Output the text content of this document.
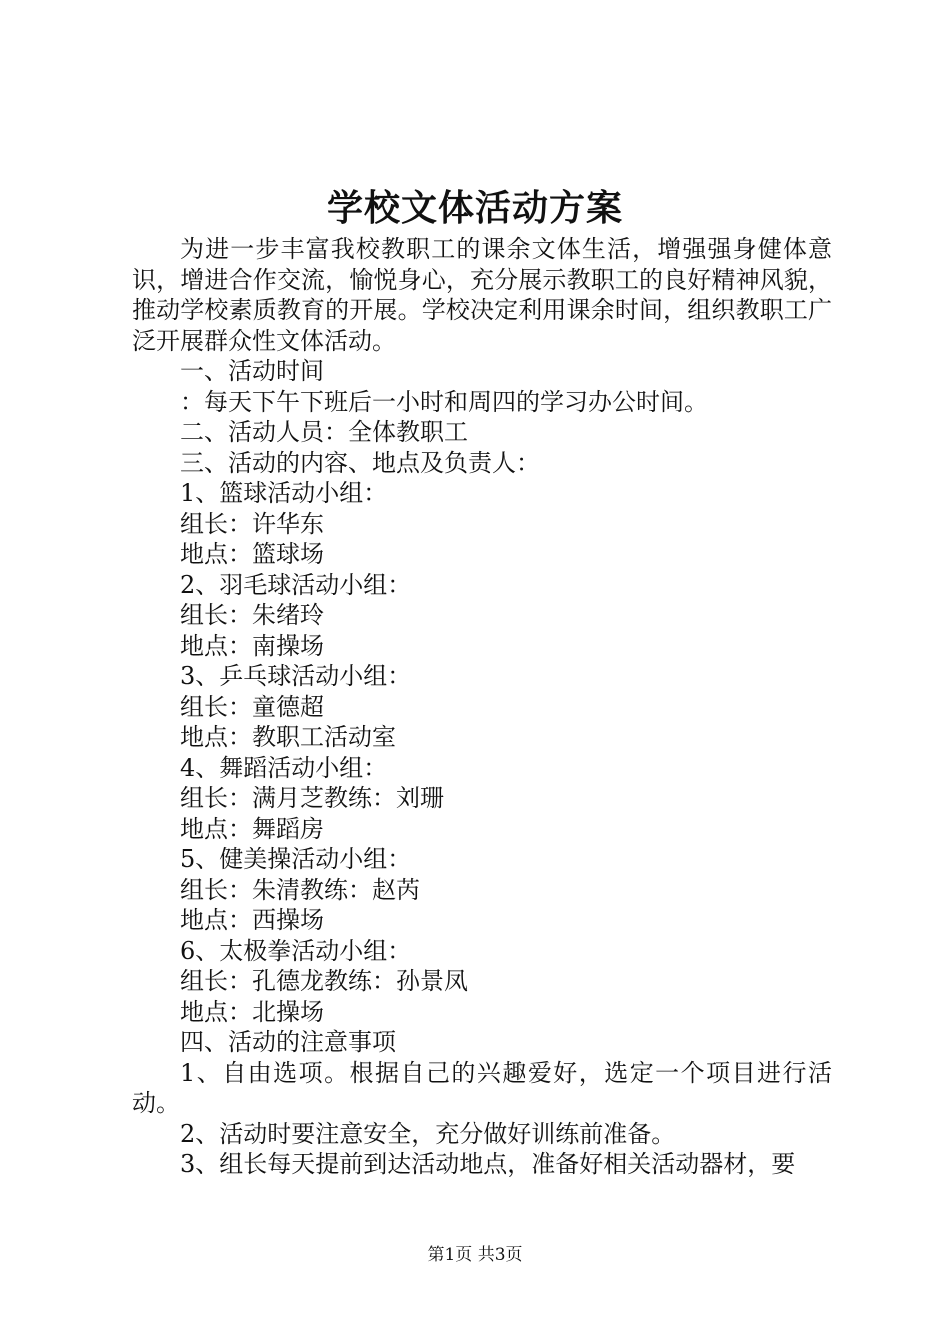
学校文体活动方案

为进一步丰富我校教职工的课余文体生活，增强强身健体意识，增进合作交流，愉悦身心，充分展示教职工的良好精神风貌，推动学校素质教育的开展。学校决定利用课余时间，组织教职工广泛开展群众性文体活动。

一、活动时间

：每天下午下班后一小时和周四的学习办公时间。

二、活动人员：全体教职工

三、活动的内容、地点及负责人：

1、篮球活动小组：

组长：许华东

地点：篮球场

2、羽毛球活动小组：

组长：朱绪玲

地点：南操场

3、乒乓球活动小组：

组长：童德超

地点：教职工活动室

4、舞蹈活动小组：

组长：满月芝教练：刘珊

地点：舞蹈房

5、健美操活动小组：

组长：朱清教练：赵芮

地点：西操场

6、太极拳活动小组：

组长：孔德龙教练：孙景凤

地点：北操场

四、活动的注意事项

1、自由选项。根据自己的兴趣爱好，选定一个项目进行活动。

2、活动时要注意安全，充分做好训练前准备。

3、组长每天提前到达活动地点，准备好相关活动器材，要

第1页 共3页
